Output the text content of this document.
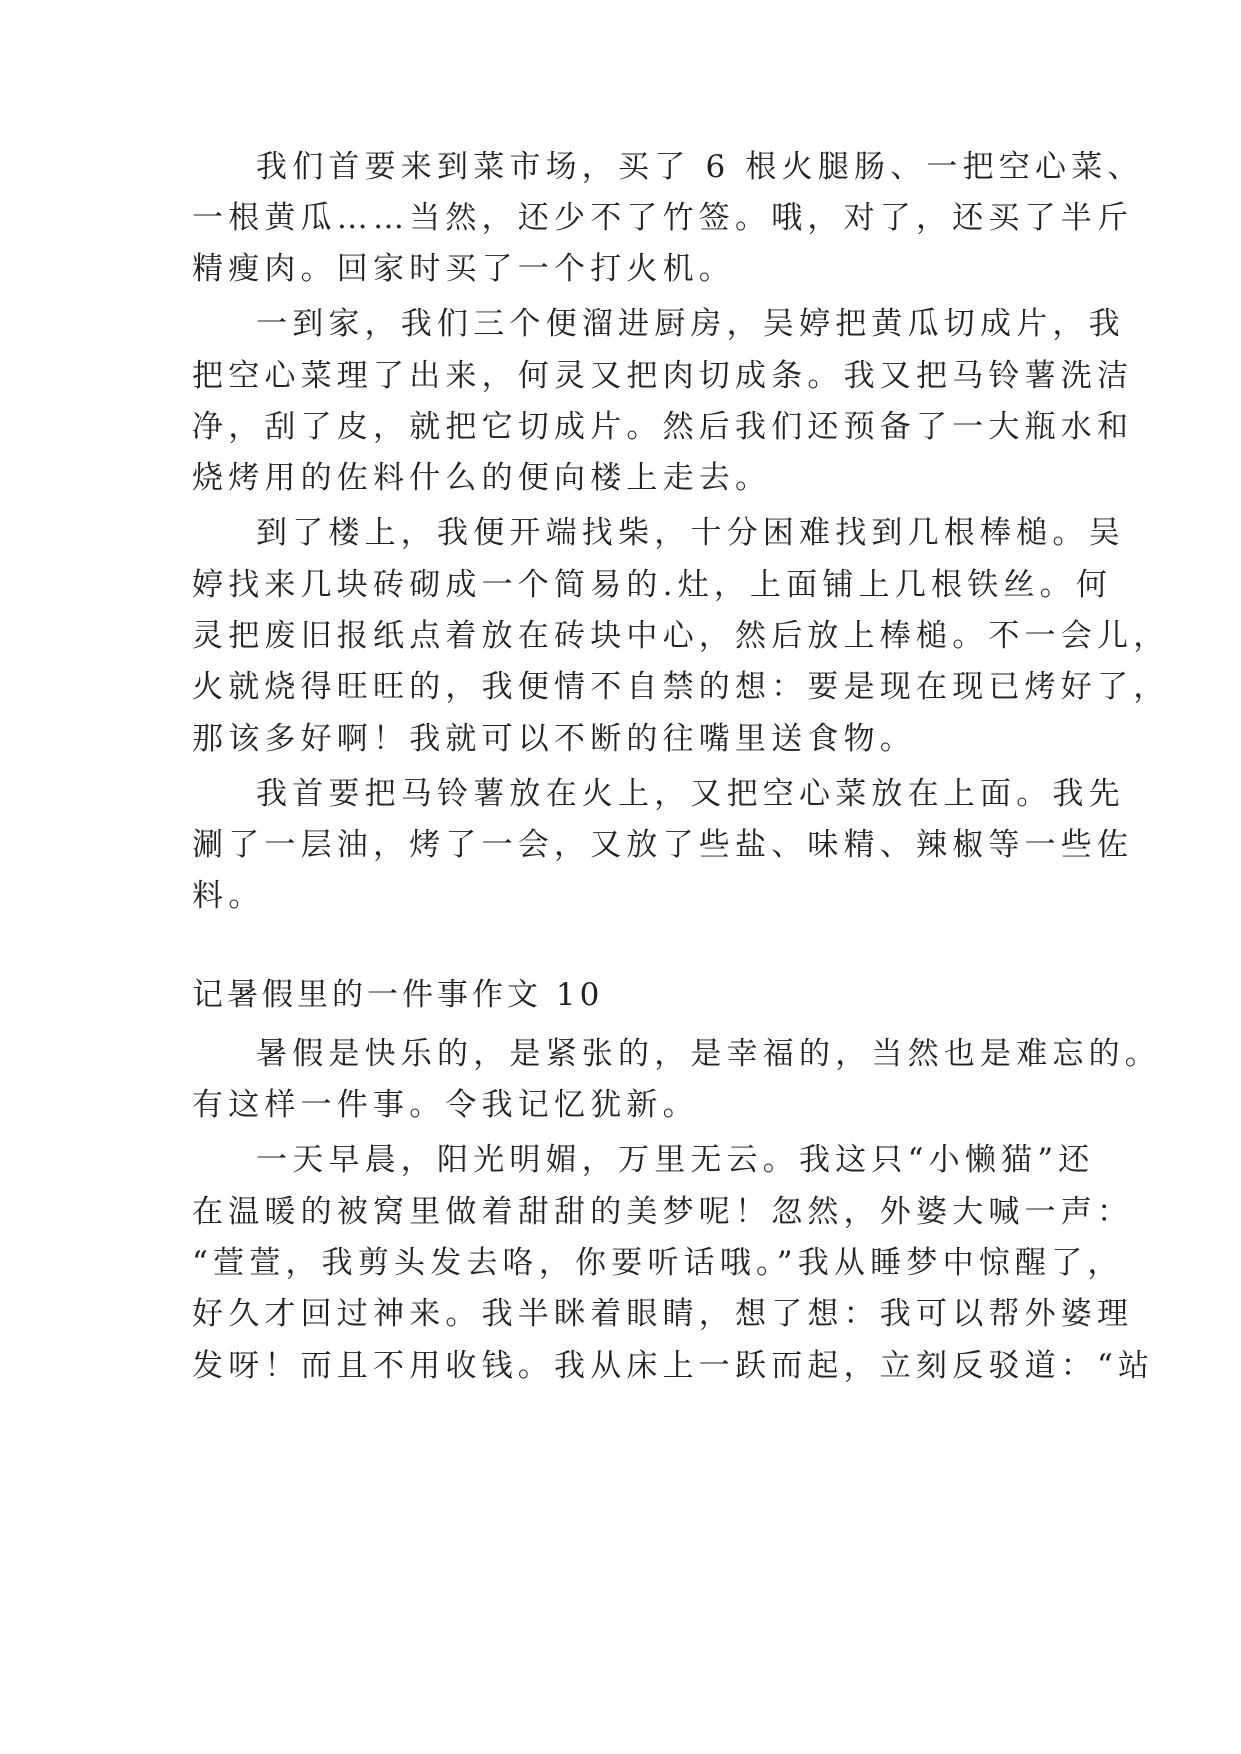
我们首要来到菜市场，买了 6 根火腿肠、一把空心菜、

一根黄瓜……当然，还少不了竹签。哦，对了，还买了半斤

精瘦肉。回家时买了一个打火机。

一到家，我们三个便溜进厨房，吴婷把黄瓜切成片，我

把空心菜理了出来，何灵又把肉切成条。我又把马铃薯洗洁

净，刮了皮，就把它切成片。然后我们还预备了一大瓶水和

烧烤用的佐料什么的便向楼上走去。

到了楼上，我便开端找柴，十分困难找到几根棒槌。吴

婷找来几块砖砌成一个简易的.灶，上面铺上几根铁丝。何

灵把废旧报纸点着放在砖块中心，然后放上棒槌。不一会儿，

火就烧得旺旺的，我便情不自禁的想：要是现在现已烤好了，

那该多好啊！我就可以不断的往嘴里送食物。

我首要把马铃薯放在火上，又把空心菜放在上面。我先

涮了一层油，烤了一会，又放了些盐、味精、辣椒等一些佐

料。

记暑假里的一件事作文 10

暑假是快乐的，是紧张的，是幸福的，当然也是难忘的。

有这样一件事。令我记忆犹新。

一天早晨，阳光明媚，万里无云。我这只“小懒猫”还

在温暖的被窝里做着甜甜的美梦呢！忽然，外婆大喊一声：

“萱萱，我剪头发去咯，你要听话哦。”我从睡梦中惊醒了，

好久才回过神来。我半眯着眼睛，想了想：我可以帮外婆理

发呀！而且不用收钱。我从床上一跃而起，立刻反驳道：“站
